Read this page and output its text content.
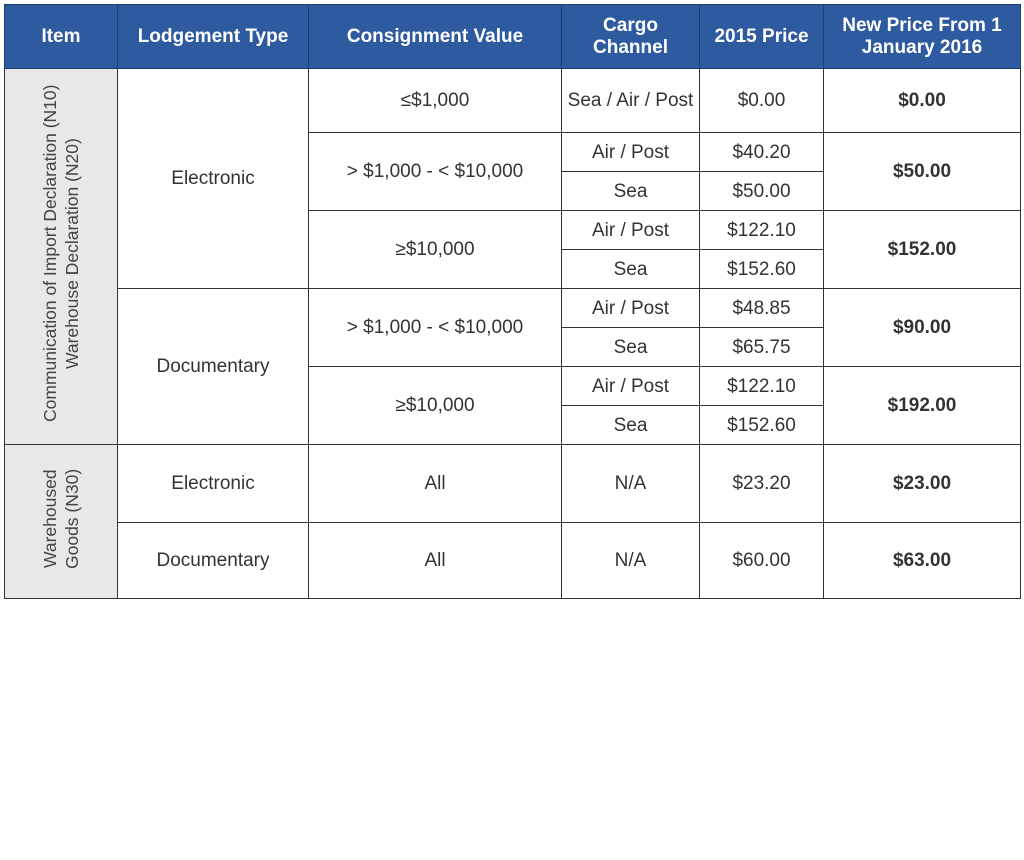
Item	Lodgement Type	Consignment Value	Cargo Channel	2015 Price	New Price From 1 January 2016
Communication of Import Declaration (N10) Warehouse Declaration (N20)	Electronic	≤$1,000	Sea / Air / Post	$0.00	$0.00
		> $1,000 - < $10,000	Air / Post	$40.20	$50.00
			Sea	$50.00	
		≥$10,000	Air / Post	$122.10	$152.00
			Sea	$152.60	
	Documentary	> $1,000 - < $10,000	Air / Post	$48.85	$90.00
			Sea	$65.75	
		≥$10,000	Air / Post	$122.10	$192.00
			Sea	$152.60	
Warehoused Goods (N30)	Electronic	All	N/A	$23.20	$23.00
	Documentary	All	N/A	$60.00	$63.00
